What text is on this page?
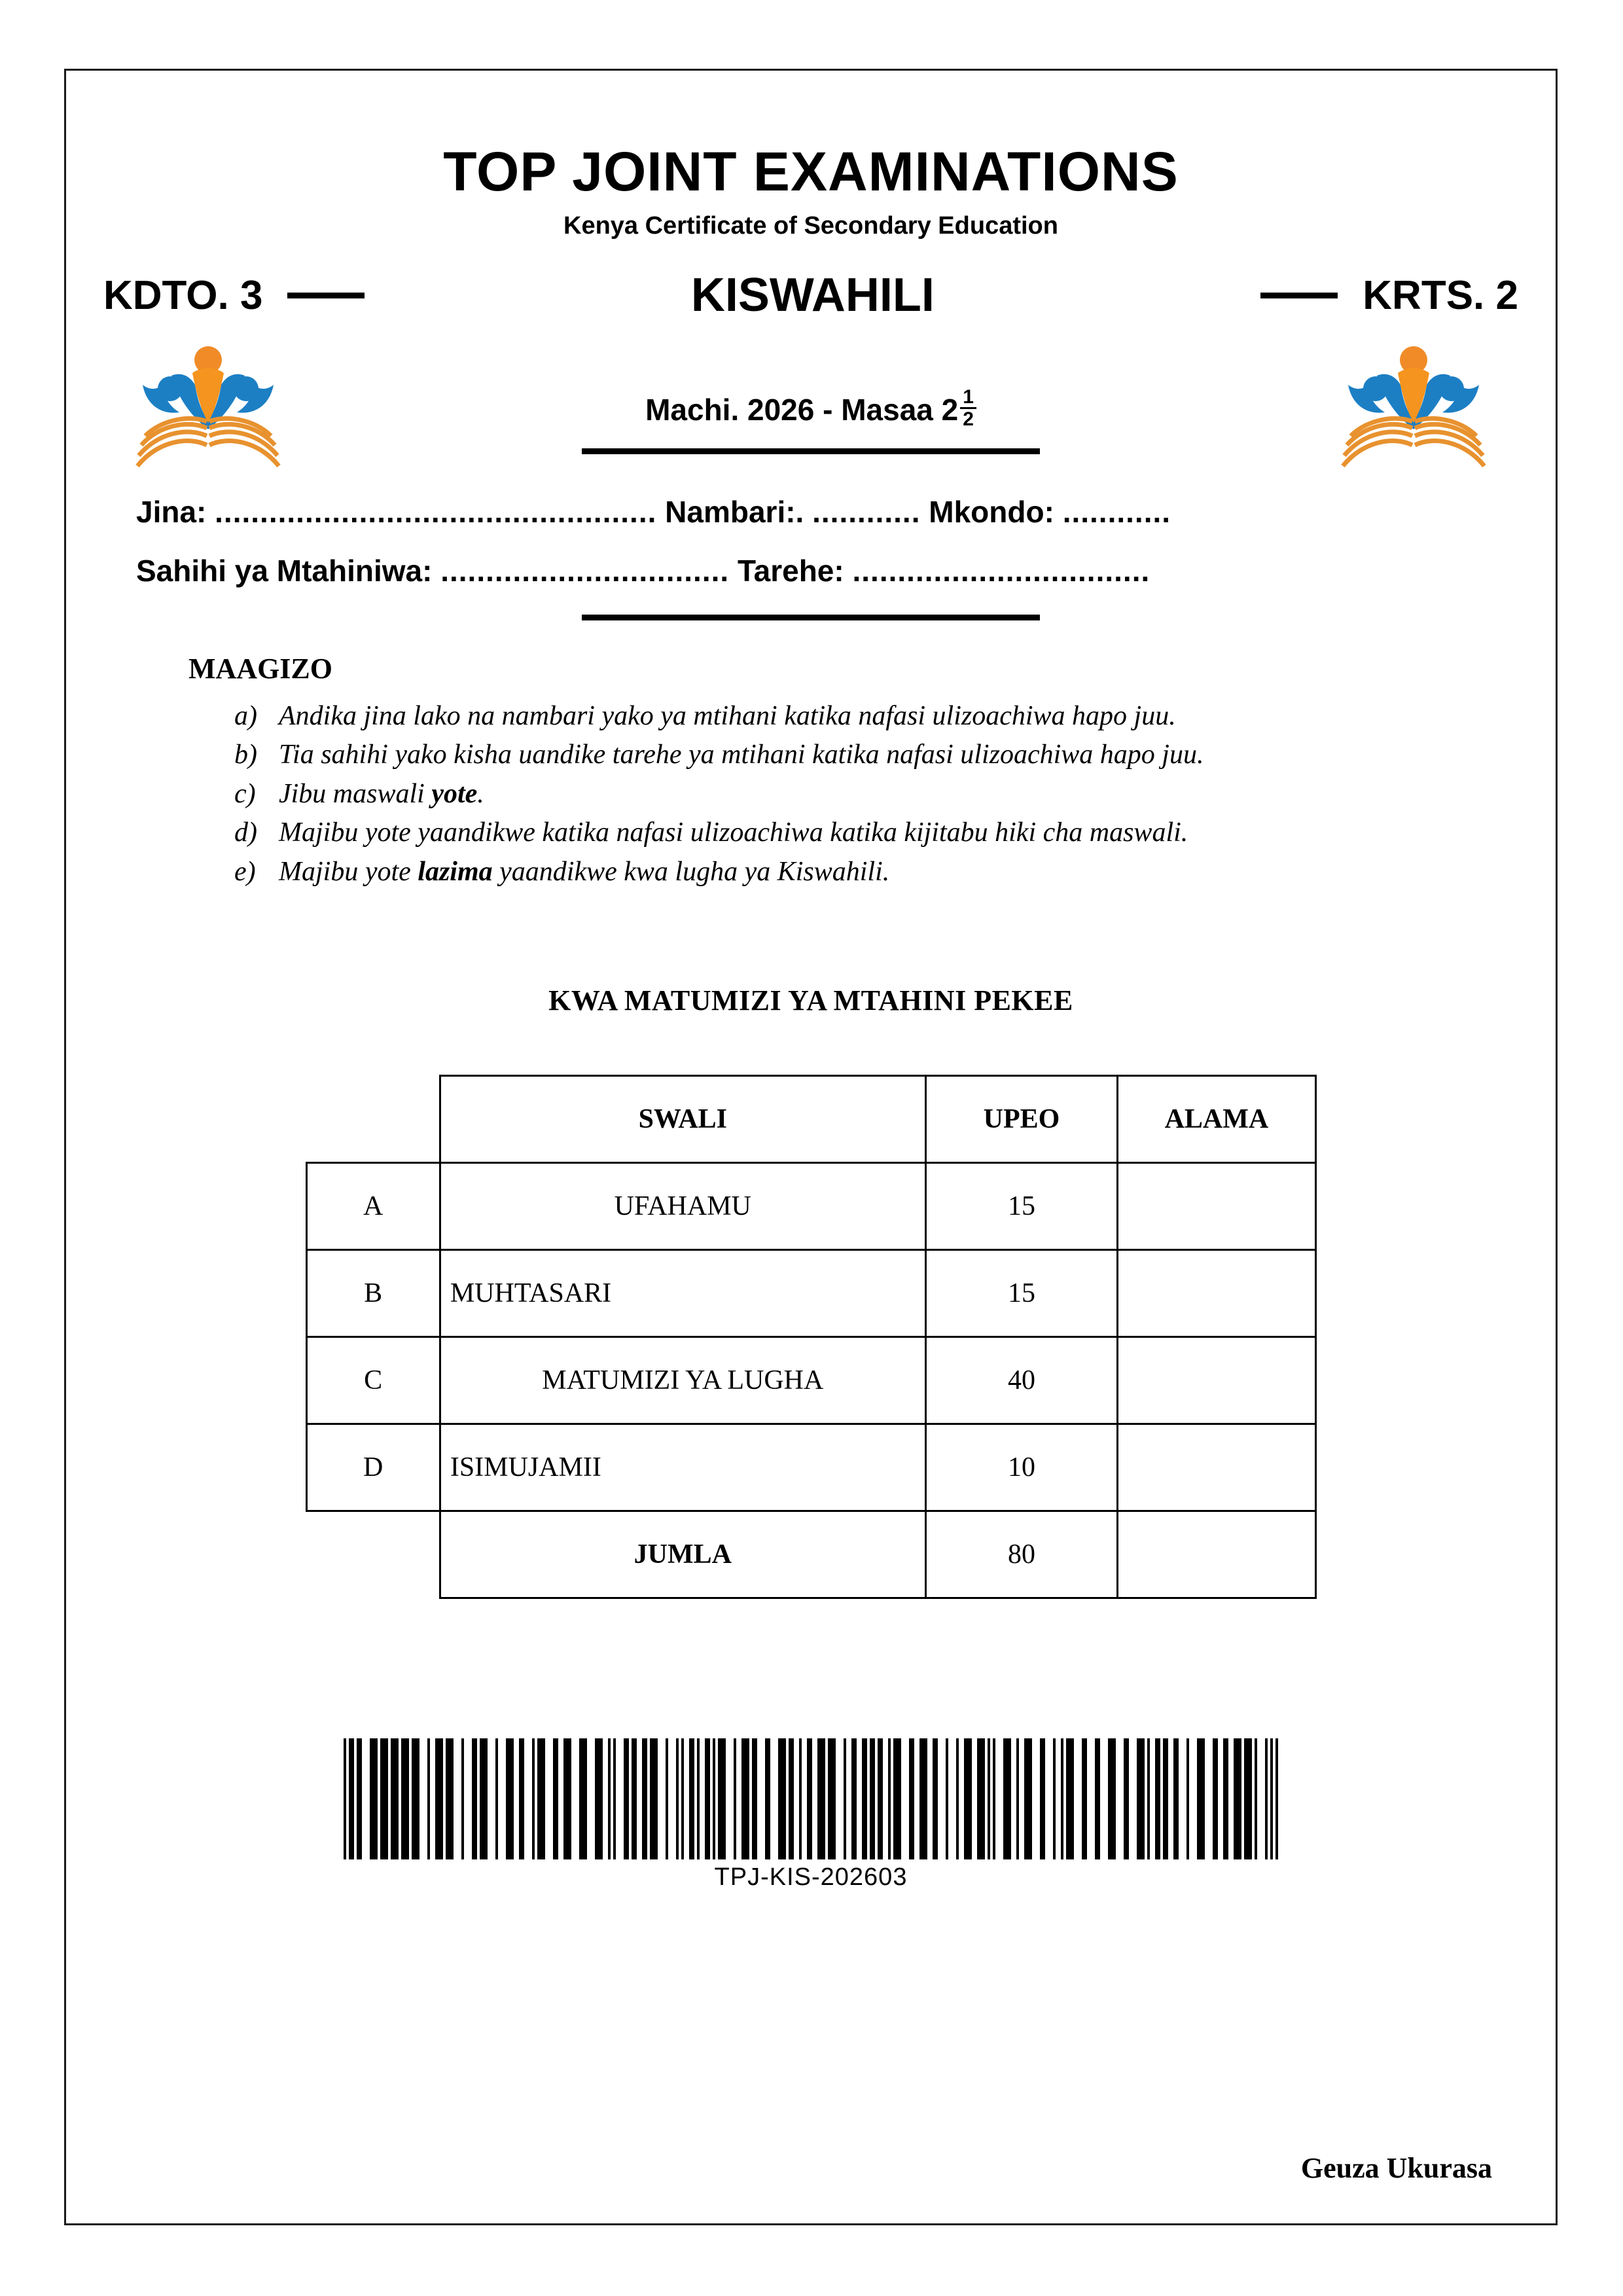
TOP JOINT EXAMINATIONS
Kenya Certificate of Secondary Education
KDTO. 3	KISWAHILI	KRTS. 2
Machi. 2026 - Masaa $2 \frac{1}{2}$
Jina: ................................................. Nambari:. ............ Mkondo: ............
Sahihi ya Mtahiniwa: ................................ Tarehe: .................................
MAAGIZO
a) Andika jina lako na nambari yako ya mtihani katika nafasi ulizoachiwa hapo juu.
b) Tia sahihi yako kisha uandike tarehe ya mtihani katika nafasi ulizoachiwa hapo juu.
c) Jibu maswali yote.
d) Majibu yote yaandikwe katika nafasi ulizoachiwa katika kijitabu hiki cha maswali.
e) Majibu yote lazima yaandikwe kwa lugha ya Kiswahili.
KWA MATUMIZI YA MTAHINI PEKEE
	SWALI	UPEO	ALAMA
A	UFAHAMU	15	
B	MUHTASARI	15	
C	MATUMIZI YA LUGHA	40	
D	ISIMUJAMII	10	
	JUMLA	80	
TPJ-KIS-202603
Geuza Ukurasa
